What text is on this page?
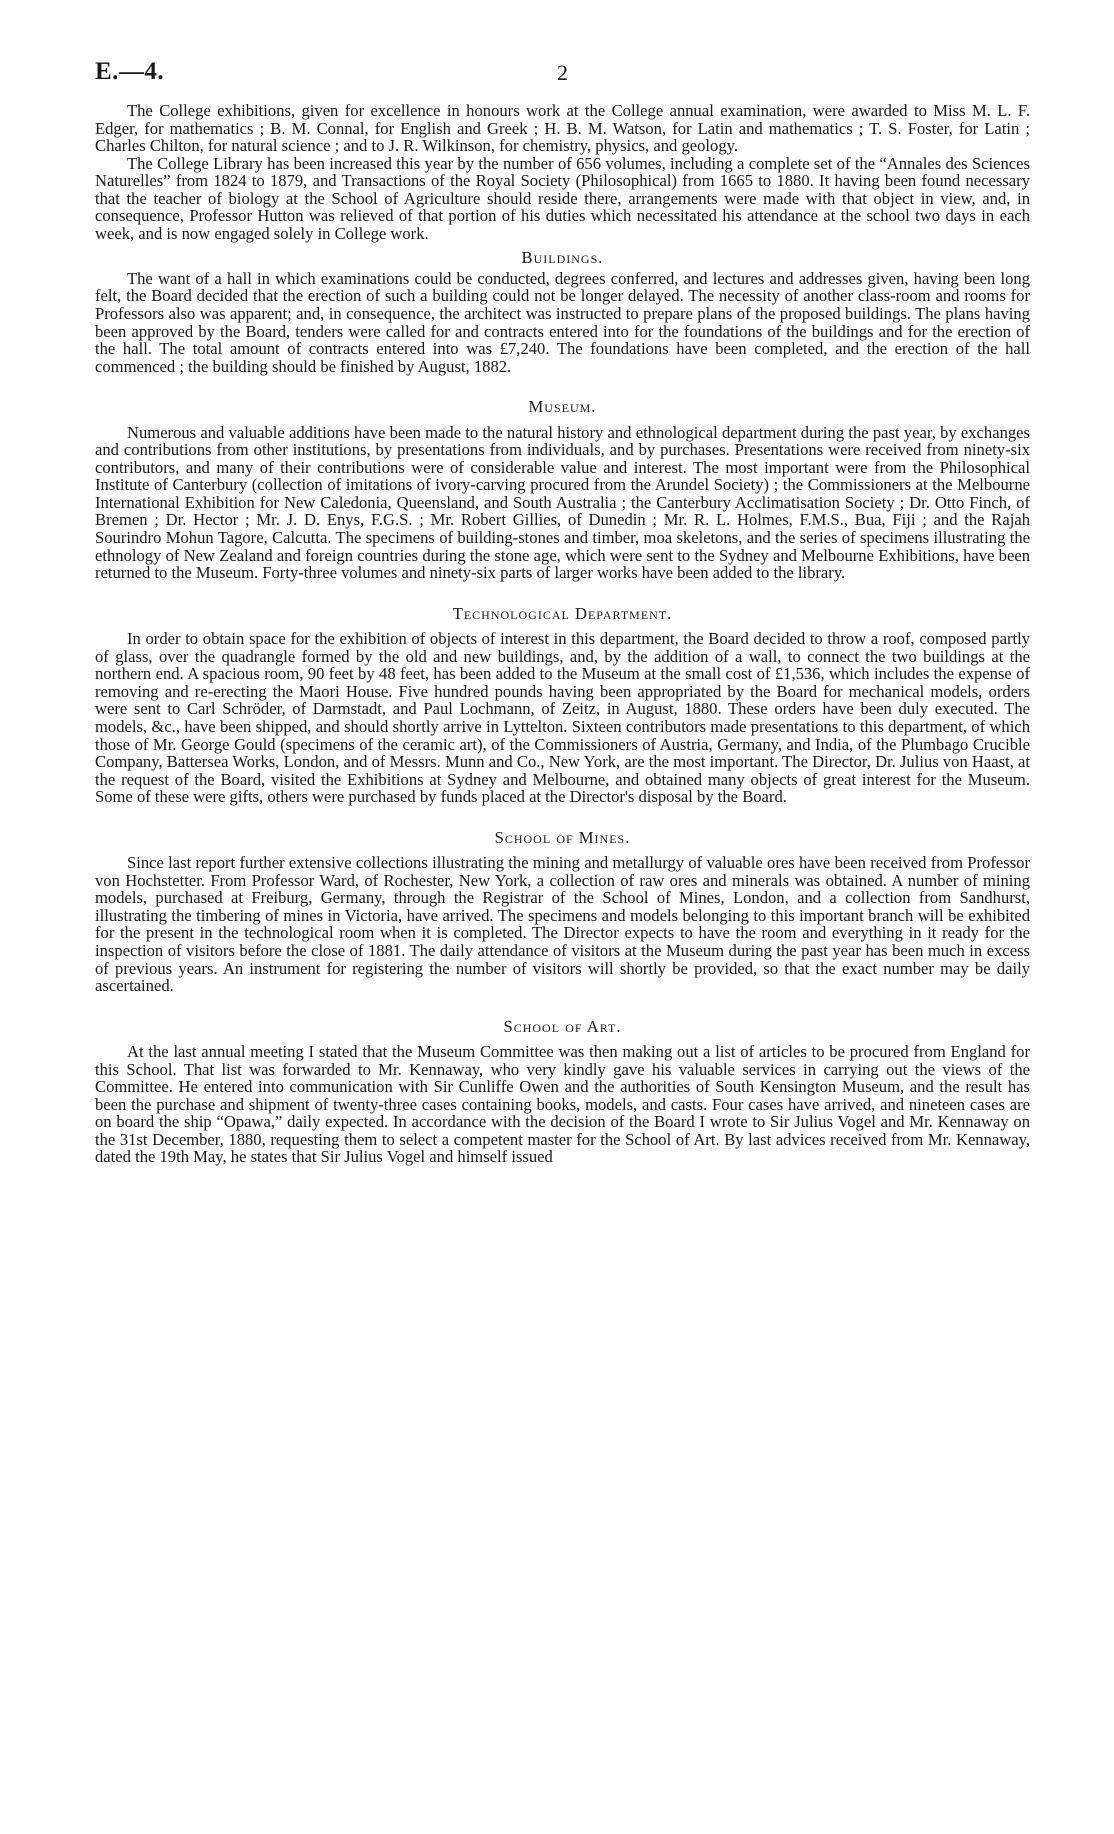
E.—4.	2

The College exhibitions, given for excellence in honours work at the College annual examination, were awarded to Miss M. L. F. Edger, for mathematics ; B. M. Connal, for English and Greek ; H. B. M. Watson, for Latin and mathematics ; T. S. Foster, for Latin ; Charles Chilton, for natural science ; and to J. R. Wilkinson, for chemistry, physics, and geology.

The College Library has been increased this year by the number of 656 volumes, including a complete set of the “Annales des Sciences Naturelles” from 1824 to 1879, and Transactions of the Royal Society (Philosophical) from 1665 to 1880. It having been found necessary that the teacher of biology at the School of Agriculture should reside there, arrangements were made with that object in view, and, in consequence, Professor Hutton was relieved of that portion of his duties which necessitated his attendance at the school two days in each week, and is now engaged solely in College work.

Buildings.

The want of a hall in which examinations could be conducted, degrees conferred, and lectures and addresses given, having been long felt, the Board decided that the erection of such a building could not be longer delayed. The necessity of another class-room and rooms for Professors also was apparent; and, in consequence, the architect was instructed to prepare plans of the proposed buildings. The plans having been approved by the Board, tenders were called for and contracts entered into for the foundations of the buildings and for the erection of the hall. The total amount of contracts entered into was £7,240. The foundations have been completed, and the erection of the hall commenced ; the building should be finished by August, 1882.

Museum.

Numerous and valuable additions have been made to the natural history and ethnological department during the past year, by exchanges and contributions from other institutions, by presentations from individuals, and by purchases. Presentations were received from ninety-six contributors, and many of their contributions were of considerable value and interest. The most important were from the Philosophical Institute of Canterbury (collection of imitations of ivory-carving procured from the Arundel Society) ; the Commissioners at the Melbourne International Exhibition for New Caledonia, Queensland, and South Australia ; the Canterbury Acclimatisation Society ; Dr. Otto Finch, of Bremen ; Dr. Hector ; Mr. J. D. Enys, F.G.S. ; Mr. Robert Gillies, of Dunedin ; Mr. R. L. Holmes, F.M.S., Bua, Fiji ; and the Rajah Sourindro Mohun Tagore, Calcutta. The specimens of building-stones and timber, moa skeletons, and the series of specimens illustrating the ethnology of New Zealand and foreign countries during the stone age, which were sent to the Sydney and Melbourne Exhibitions, have been returned to the Museum. Forty-three volumes and ninety-six parts of larger works have been added to the library.

Technological Department.

In order to obtain space for the exhibition of objects of interest in this department, the Board decided to throw a roof, composed partly of glass, over the quadrangle formed by the old and new buildings, and, by the addition of a wall, to connect the two buildings at the northern end. A spacious room, 90 feet by 48 feet, has been added to the Museum at the small cost of £1,536, which includes the expense of removing and re-erecting the Maori House. Five hundred pounds having been appropriated by the Board for mechanical models, orders were sent to Carl Schröder, of Darmstadt, and Paul Lochmann, of Zeitz, in August, 1880. These orders have been duly executed. The models, &c., have been shipped, and should shortly arrive in Lyttelton. Sixteen contributors made presentations to this department, of which those of Mr. George Gould (specimens of the ceramic art), of the Commissioners of Austria, Germany, and India, of the Plumbago Crucible Company, Battersea Works, London, and of Messrs. Munn and Co., New York, are the most important. The Director, Dr. Julius von Haast, at the request of the Board, visited the Exhibitions at Sydney and Melbourne, and obtained many objects of great interest for the Museum. Some of these were gifts, others were purchased by funds placed at the Director's disposal by the Board.

School of Mines.

Since last report further extensive collections illustrating the mining and metallurgy of valuable ores have been received from Professor von Hochstetter. From Professor Ward, of Rochester, New York, a collection of raw ores and minerals was obtained. A number of mining models, purchased at Freiburg, Germany, through the Registrar of the School of Mines, London, and a collection from Sandhurst, illustrating the timbering of mines in Victoria, have arrived. The specimens and models belonging to this important branch will be exhibited for the present in the technological room when it is completed. The Director expects to have the room and everything in it ready for the inspection of visitors before the close of 1881. The daily attendance of visitors at the Museum during the past year has been much in excess of previous years. An instrument for registering the number of visitors will shortly be provided, so that the exact number may be daily ascertained.

School of Art.

At the last annual meeting I stated that the Museum Committee was then making out a list of articles to be procured from England for this School. That list was forwarded to Mr. Kennaway, who very kindly gave his valuable services in carrying out the views of the Committee. He entered into communication with Sir Cunliffe Owen and the authorities of South Kensington Museum, and the result has been the purchase and shipment of twenty-three cases containing books, models, and casts. Four cases have arrived, and nineteen cases are on board the ship “Opawa,” daily expected. In accordance with the decision of the Board I wrote to Sir Julius Vogel and Mr. Kennaway on the 31st December, 1880, requesting them to select a competent master for the School of Art. By last advices received from Mr. Kennaway, dated the 19th May, he states that Sir Julius Vogel and himself issued
